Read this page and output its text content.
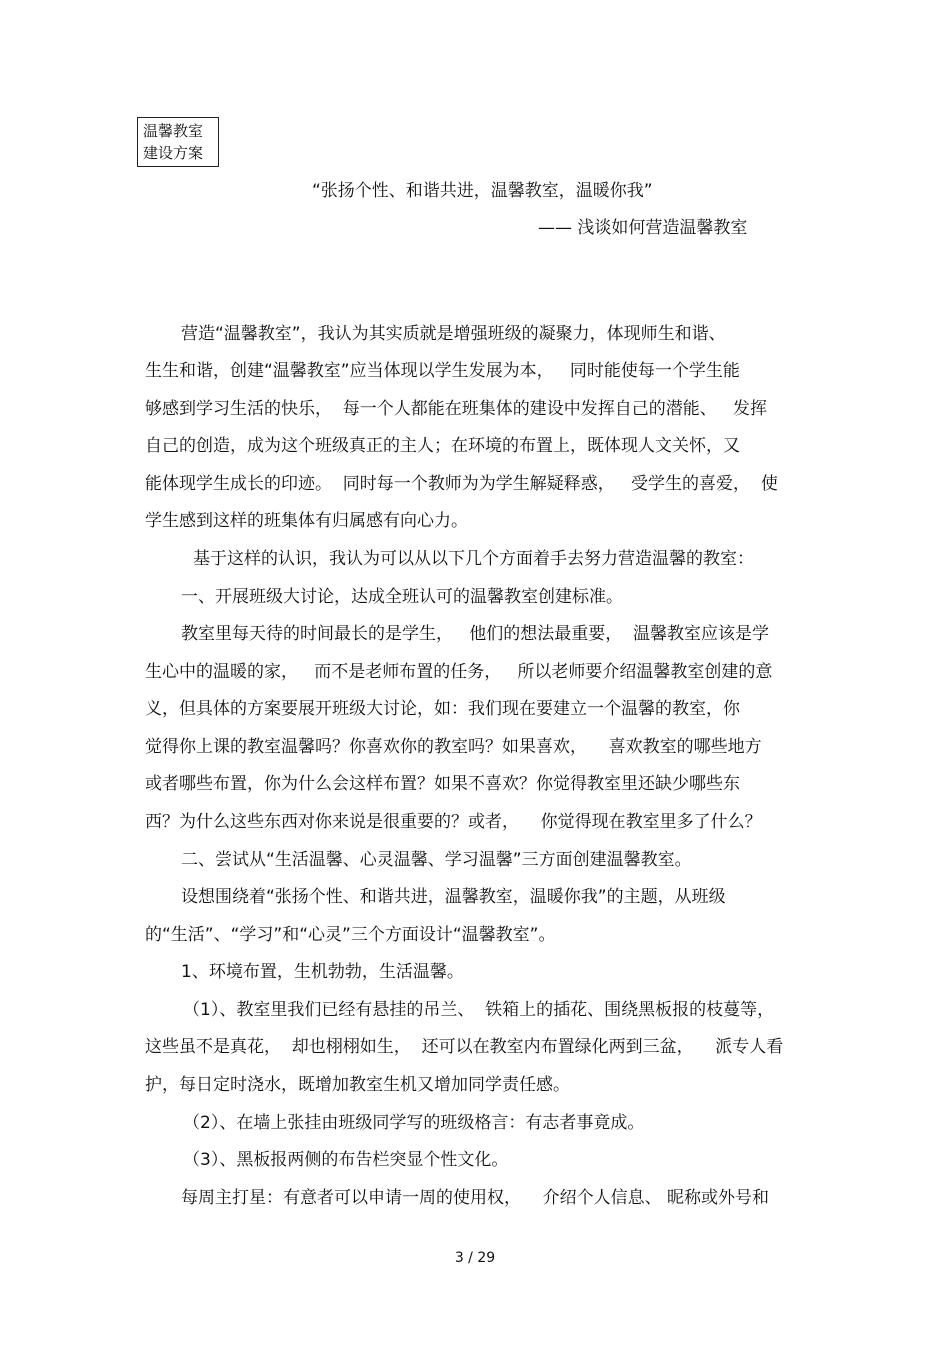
温馨教室
建设方案
“张扬个性、和谐共进，温馨教室，温暖你我”
—— 浅谈如何营造温馨教室
营造“温馨教室”，我认为其实质就是增强班级的凝聚力，体现师生和谐、
生生和谐，创建“温馨教室”应当体现以学生发展为本，   同时能使每一个学生能
够感到学习生活的快乐，  每一个人都能在班集体的建设中发挥自己的潜能、   发挥
自己的创造，成为这个班级真正的主人；在环境的布置上，既体现人文关怀，又
能体现学生成长的印迹。  同时每一个教师为为学生解疑释惑，   受学生的喜爱，  使
学生感到这样的班集体有归属感有向心力。
基于这样的认识，我认为可以从以下几个方面着手去努力营造温馨的教室：
一、开展班级大讨论，达成全班认可的温馨教室创建标准。
教室里每天待的时间最长的是学生，   他们的想法最重要，  温馨教室应该是学
生心中的温暖的家，   而不是老师布置的任务，   所以老师要介绍温馨教室创建的意
义，但具体的方案要展开班级大讨论，如：我们现在要建立一个温馨的教室，你
觉得你上课的教室温馨吗？你喜欢你的教室吗？如果喜欢，    喜欢教室的哪些地方
或者哪些布置，你为什么会这样布置？如果不喜欢？你觉得教室里还缺少哪些东
西？为什么这些东西对你来说是很重要的？或者，    你觉得现在教室里多了什么？
二、尝试从“生活温馨、心灵温馨、学习温馨”三方面创建温馨教室。
设想围绕着“张扬个性、和谐共进，温馨教室，温暖你我”的主题，从班级
的“生活”、“学习”和“心灵”三个方面设计“温馨教室”。
1、环境布置，生机勃勃，生活温馨。
（1）、教室里我们已经有悬挂的吊兰、  铁箱上的插花、围绕黑板报的枝蔓等，
这些虽不是真花，  却也栩栩如生，  还可以在教室内布置绿化两到三盆，    派专人看
护，每日定时浇水，既增加教室生机又增加同学责任感。
（2）、在墙上张挂由班级同学写的班级格言：有志者事竟成。
（3）、黑板报两侧的布告栏突显个性文化。
每周主打星：有意者可以申请一周的使用权，    介绍个人信息、 昵称或外号和
3 / 29
